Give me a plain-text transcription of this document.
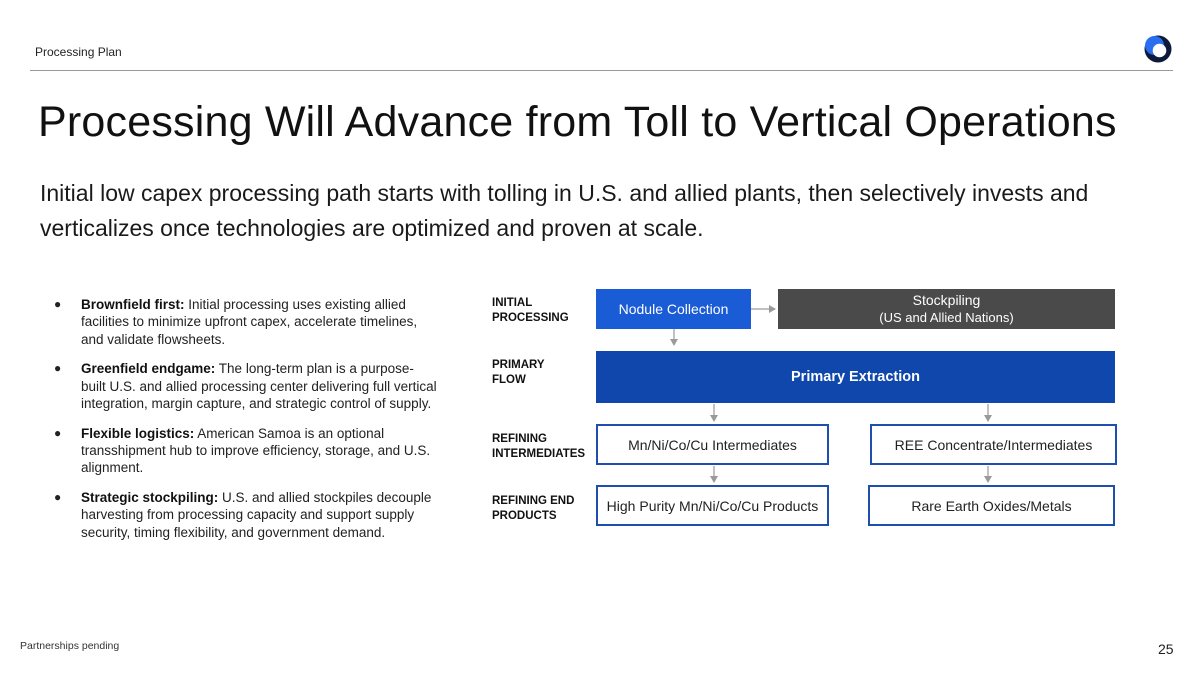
Processing Plan
Processing Will Advance from Toll to Vertical Operations
Initial low capex processing path starts with tolling in U.S. and allied plants, then selectively invests and verticalizes once technologies are optimized and proven at scale.
● Brownfield first: Initial processing uses existing allied facilities to minimize upfront capex, accelerate timelines, and validate flowsheets.
● Greenfield endgame: The long-term plan is a purpose-built U.S. and allied processing center delivering full vertical integration, margin capture, and strategic control of supply.
● Flexible logistics: American Samoa is an optional transshipment hub to improve efficiency, storage, and U.S. alignment.
● Strategic stockpiling: U.S. and allied stockpiles decouple harvesting from processing capacity and support supply security, timing flexibility, and government demand.
INITIAL PROCESSING
PRIMARY FLOW
REFINING INTERMEDIATES
REFINING END PRODUCTS
Nodule Collection
Stockpiling
(US and Allied Nations)
Primary Extraction
Mn/Ni/Co/Cu Intermediates	REE Concentrate/Intermediates
High Purity Mn/Ni/Co/Cu Products	Rare Earth Oxides/Metals
Partnerships pending	25
